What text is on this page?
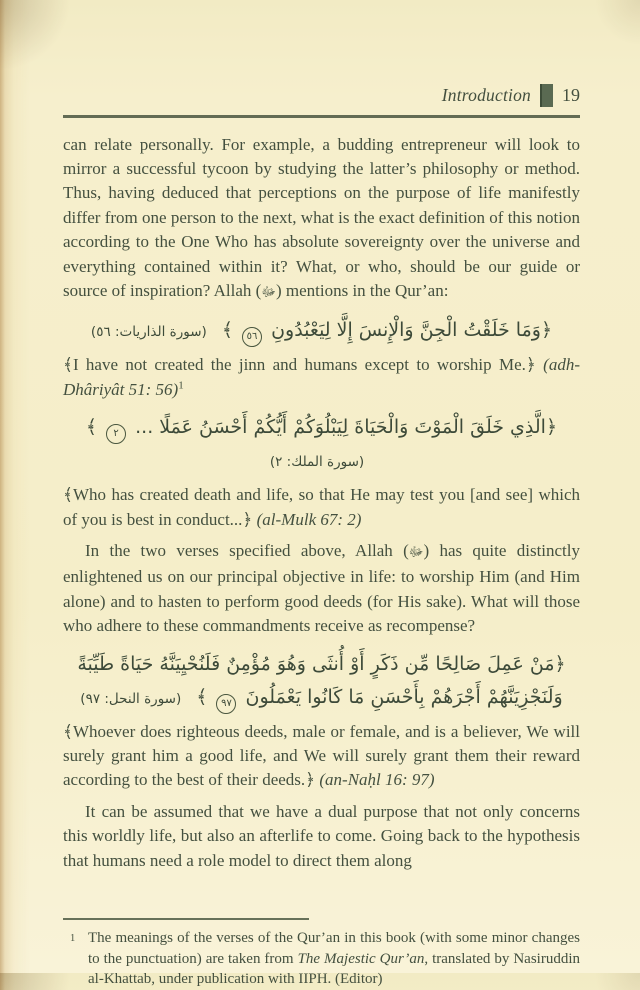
Introduction 19

can relate personally. For example, a budding entrepreneur will look to mirror a successful tycoon by studying the latter’s philosophy or method. Thus, having deduced that perceptions on the purpose of life manifestly differ from one person to the next, what is the exact definition of this notion according to the One Who has absolute sovereignty over the universe and everything contained within it? What, or who, should be our guide or source of inspiration? Allah (ﷻ) mentions in the Qur’an:

﴿وَمَا خَلَقْتُ الْجِنَّ وَالْإِنسَ إِلَّا لِيَعْبُدُونِ ٥٦ ﴾ (سورة الذاريات: ٥٦)

﴾I have not created the jinn and humans except to worship Me.﴿ (adh-Dhâriyât 51: 56)$^1$

﴿الَّذِي خَلَقَ الْمَوْتَ وَالْحَيَاةَ لِيَبْلُوَكُمْ أَيُّكُمْ أَحْسَنُ عَمَلًا ... ٢ ﴾ (سورة الملك: ٢)

﴾Who has created death and life, so that He may test you [and see] which of you is best in conduct...﴿ (al-Mulk 67: 2)

In the two verses specified above, Allah (ﷻ) has quite distinctly enlightened us on our principal objective in life: to worship Him (and Him alone) and to hasten to perform good deeds (for His sake). What will those who adhere to these commandments receive as recompense?

﴿مَنْ عَمِلَ صَالِحًا مِّن ذَكَرٍ أَوْ أُنثَى وَهُوَ مُؤْمِنٌ فَلَنُحْيِيَنَّهُ حَيَاةً طَيِّبَةً
وَلَنَجْزِيَنَّهُمْ أَجْرَهُمْ بِأَحْسَنِ مَا كَانُوا يَعْمَلُونَ ٩٧ ﴾ (سورة النحل: ٩٧)

﴾Whoever does righteous deeds, male or female, and is a believer, We will surely grant him a good life, and We will surely grant them their reward according to the best of their deeds.﴿ (an-Naḥl 16: 97)

It can be assumed that we have a dual purpose that not only concerns this worldly life, but also an afterlife to come. Going back to the hypothesis that humans need a role model to direct them along

1 The meanings of the verses of the Qur’an in this book (with some minor changes to the punctuation) are taken from The Majestic Qur’an, translated by Nasiruddin al-Khattab, under publication with IIPH. (Editor)
